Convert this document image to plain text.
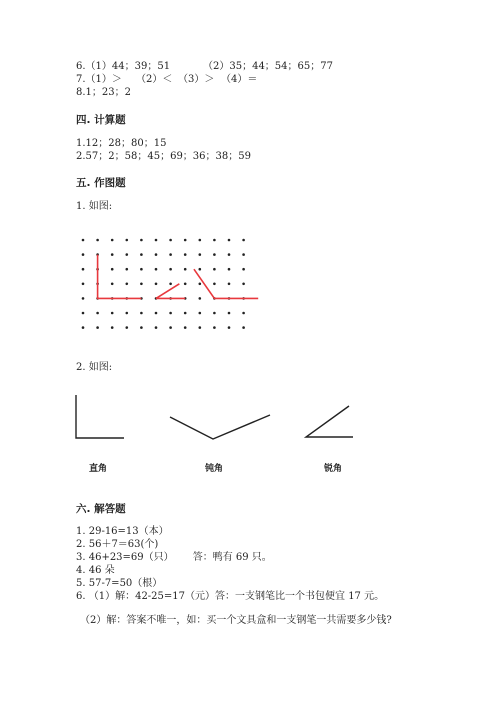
6.（1）44；39；51	（2）35；44；54；65；77
7.（1）＞ （2）＜ （3）＞ （4）＝
8.1；23；2
四. 计算题
1.12；28；80；15
2.57；2；58；45；69；36；38；59
五. 作图题
1. 如图:
2. 如图:
直角	钝角	锐角
六. 解答题
1. 29-16=13（本）
2. 56＋7＝63(个)
3. 46+23=69（只）      答：鸭有 69 只。
4. 46 朵
5. 57-7=50（根）
6. （1）解：42-25=17（元）答：一支钢笔比一个书包便宜 17 元。
（2）解：答案不唯一，如：买一个文具盒和一支钢笔一共需要多少钱?
